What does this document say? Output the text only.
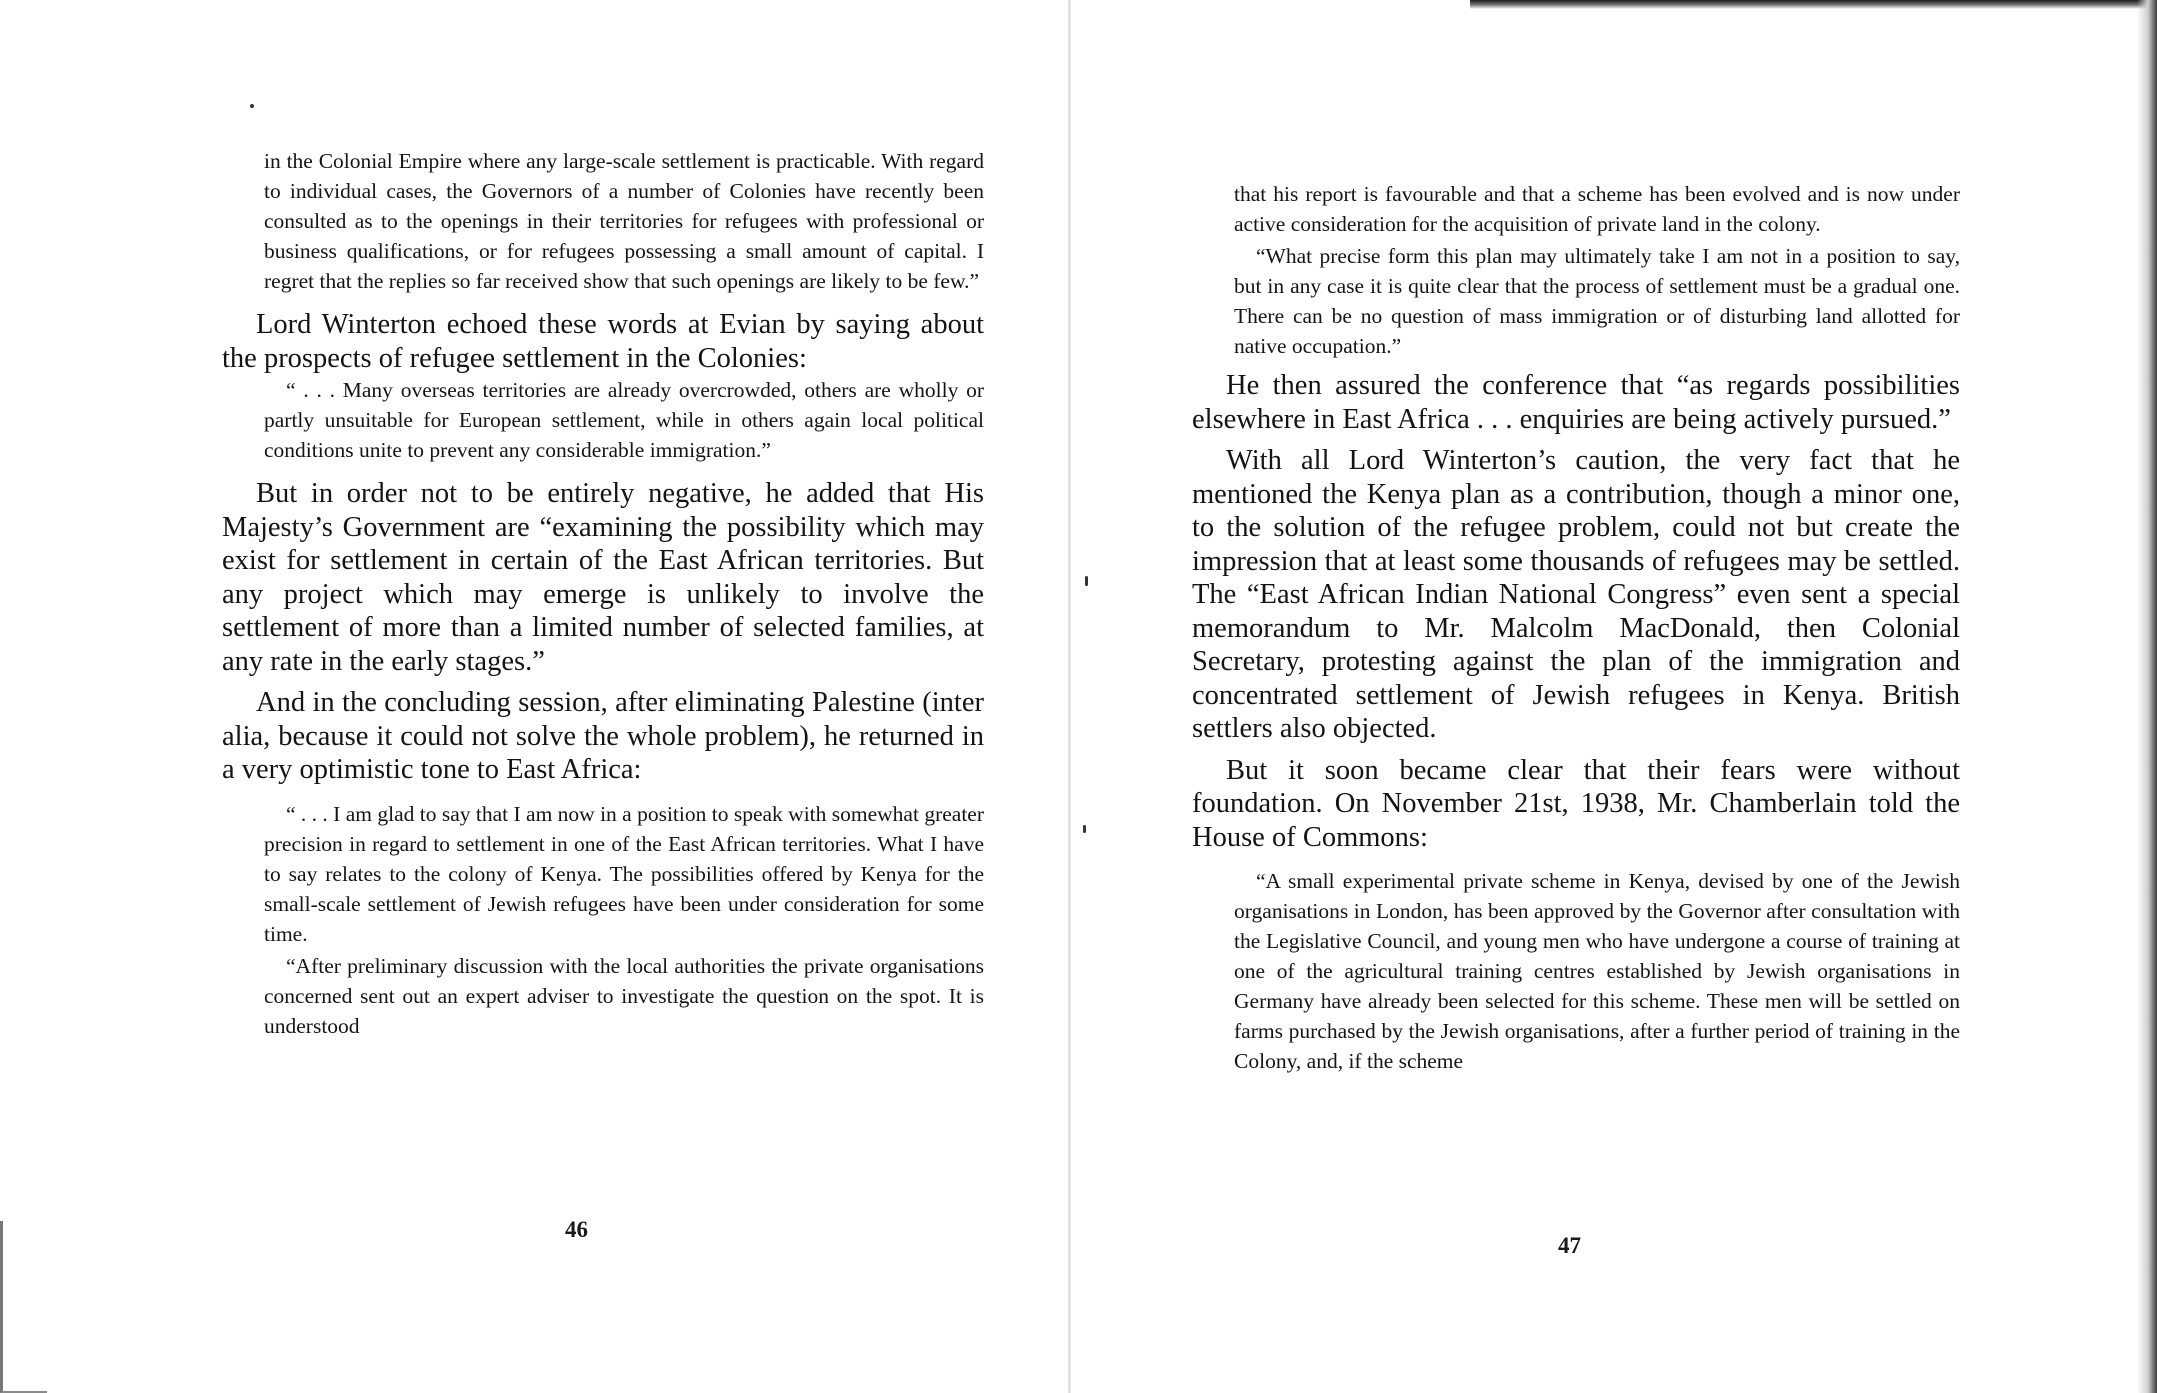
in the Colonial Empire where any large-scale settlement is practicable. With regard to individual cases, the Governors of a number of Colonies have recently been consulted as to the openings in their territories for refugees with professional or business qualifications, or for refugees possessing a small amount of capital. I regret that the replies so far received show that such openings are likely to be few.”

Lord Winterton echoed these words at Evian by saying about the prospects of refugee settlement in the Colonies:

“ . . . Many overseas territories are already overcrowded, others are wholly or partly unsuitable for European settlement, while in others again local political conditions unite to prevent any considerable immigration.”

But in order not to be entirely negative, he added that His Majesty’s Government are “examining the possibility which may exist for settlement in certain of the East African territories. But any project which may emerge is unlikely to involve the settlement of more than a limited number of selected families, at any rate in the early stages.”

And in the concluding session, after eliminating Palestine (inter alia, because it could not solve the whole problem), he returned in a very optimistic tone to East Africa:

“ . . . I am glad to say that I am now in a position to speak with somewhat greater precision in regard to settlement in one of the East African territories. What I have to say relates to the colony of Kenya. The possibilities offered by Kenya for the small-scale settlement of Jewish refugees have been under consideration for some time.

“After preliminary discussion with the local authorities the private organisations concerned sent out an expert adviser to investigate the question on the spot. It is understood

46

that his report is favourable and that a scheme has been evolved and is now under active consideration for the acquisition of private land in the colony.

“What precise form this plan may ultimately take I am not in a position to say, but in any case it is quite clear that the process of settlement must be a gradual one. There can be no question of mass immigration or of disturbing land allotted for native occupation.”

He then assured the conference that “as regards possibilities elsewhere in East Africa . . . enquiries are being actively pursued.”

With all Lord Winterton’s caution, the very fact that he mentioned the Kenya plan as a contribution, though a minor one, to the solution of the refugee problem, could not but create the impression that at least some thousands of refugees may be settled. The “East African Indian National Congress” even sent a special memorandum to Mr. Malcolm MacDonald, then Colonial Secretary, protesting against the plan of the immigration and concentrated settlement of Jewish refugees in Kenya. British settlers also objected.

But it soon became clear that their fears were without foundation. On November 21st, 1938, Mr. Chamberlain told the House of Commons:

“A small experimental private scheme in Kenya, devised by one of the Jewish organisations in London, has been approved by the Governor after consultation with the Legislative Council, and young men who have undergone a course of training at one of the agricultural training centres established by Jewish organisations in Germany have already been selected for this scheme. These men will be settled on farms purchased by the Jewish organisations, after a further period of training in the Colony, and, if the scheme

47
